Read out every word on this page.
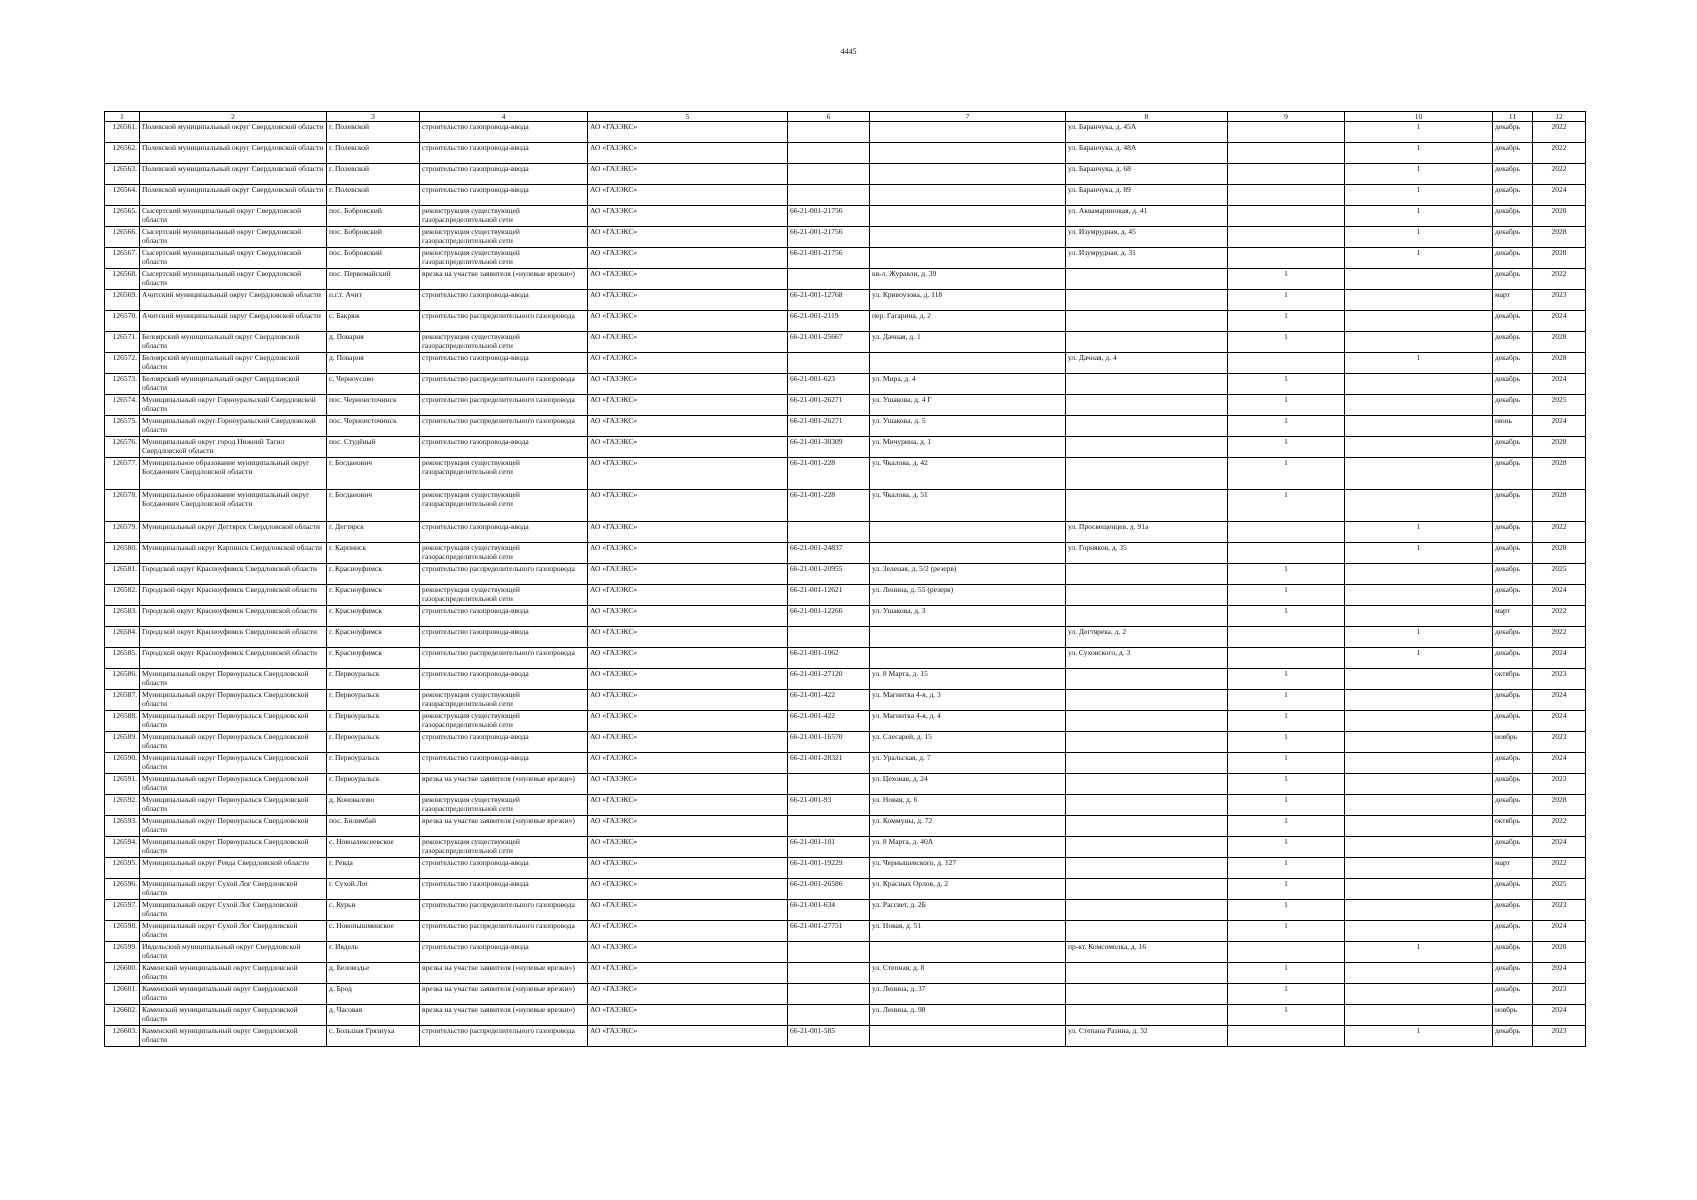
4445
1	2	3	4	5	6	7	8	9	10	11	12
126561.	Полевской муниципальный округ Свердловской области	г. Полевской	строительство газопровода-ввода	АО «ГАЗЭКС»			ул. Баранчука, д. 45А		1	декабрь	2022
126562.	Полевской муниципальный округ Свердловской области	г. Полевской	строительство газопровода-ввода	АО «ГАЗЭКС»			ул. Баранчука, д. 48А		1	декабрь	2022
126563.	Полевской муниципальный округ Свердловской области	г. Полевской	строительство газопровода-ввода	АО «ГАЗЭКС»			ул. Баранчука, д. 68		1	декабрь	2022
126564.	Полевской муниципальный округ Свердловской области	г. Полевской	строительство газопровода-ввода	АО «ГАЗЭКС»			ул. Баранчука, д. 89		1	декабрь	2024
126565.	Сысертский муниципальный округ Свердловской области	пос. Бобровский	реконструкция существующей газораспределительной сети	АО «ГАЗЭКС»	66-21-001-21756		ул. Аквамариновая, д. 41		1	декабрь	2028
126566.	Сысертский муниципальный округ Свердловской области	пос. Бобровский	реконструкция существующей газораспределительной сети	АО «ГАЗЭКС»	66-21-001-21756		ул. Изумрудная, д. 45		1	декабрь	2028
126567.	Сысертский муниципальный округ Свердловской области	пос. Бобровский	реконструкция существующей газораспределительной сети	АО «ГАЗЭКС»	66-21-001-21756		ул. Изумрудная, д. 31		1	декабрь	2028
126568.	Сысертский муниципальный округ Свердловской области	пос. Первомайский	врезка на участке заявителя («нулевые врезки»)	АО «ГАЗЭКС»		кв-л. Журавли, д. 39		1		декабрь	2022
126569.	Ачитский муниципальный округ Свердловской области	п.г.т. Ачит	строительство газопровода-ввода	АО «ГАЗЭКС»	66-21-001-12768	ул. Кривоузова, д. 118		1		март	2023
126570.	Ачитский муниципальный округ Свердловской области	с. Бакряж	строительство распределительного газопровода	АО «ГАЗЭКС»	66-21-001-2119	пер. Гагарина, д. 2		1		декабрь	2024
126571.	Белоярский муниципальный округ Свердловской области	д. Поварня	реконструкция существующей газораспределительной сети	АО «ГАЗЭКС»	66-21-001-25667	ул. Дачная, д. 1		1		декабрь	2028
126572.	Белоярский муниципальный округ Свердловской области	д. Поварня	строительство газопровода-ввода	АО «ГАЗЭКС»			ул. Дачная, д. 4		1	декабрь	2028
126573.	Белоярский муниципальный округ Свердловской области	с. Черноусово	строительство распределительного газопровода	АО «ГАЗЭКС»	66-21-001-623	ул. Мира, д. 4		1		декабрь	2024
126574.	Муниципальный округ Горноуральский Свердловской области	пос. Черноисточинск	строительство распределительного газопровода	АО «ГАЗЭКС»	66-21-001-26271	ул. Ушакова, д. 4 Г		1		декабрь	2025
126575.	Муниципальный округ Горноуральский Свердловской области	пос. Черноисточинск	строительство распределительного газопровода	АО «ГАЗЭКС»	66-21-001-26271	ул. Ушакова, д. 5		1		июнь	2024
126576.	Муниципальный округ город Нижний Тагил Свердловской области	пос. Студёный	строительство газопровода-ввода	АО «ГАЗЭКС»	66-21-001-30309	ул. Мичурина, д. 1		1		декабрь	2028
126577.	Муниципальное образование муниципальный округ Богданович Свердловской области	г. Богданович	реконструкция существующей газораспределительной сети	АО «ГАЗЭКС»	66-21-001-228	ул. Чкалова, д. 42		1		декабрь	2028
126578.	Муниципальное образование муниципальный округ Богданович Свердловской области	г. Богданович	реконструкция существующей газораспределительной сети	АО «ГАЗЭКС»	66-21-001-228	ул. Чкалова, д. 51		1		декабрь	2028
126579.	Муниципальный округ Дегтярск Свердловской области	г. Дегтярск	строительство газопровода-ввода	АО «ГАЗЭКС»			ул. Просвещенцев, д. 91а		1	декабрь	2022
126580.	Муниципальный округ Карпинск Свердловской области	г. Карпинск	реконструкция существующей газораспределительной сети	АО «ГАЗЭКС»	66-21-001-24837		ул. Горняков, д. 35		1	декабрь	2028
126581.	Городской округ Красноуфимск Свердловской области	г. Красноуфимск	строительство распределительного газопровода	АО «ГАЗЭКС»	66-21-001-20955	ул. Зеленая, д. 5/2 (резерв)		1		декабрь	2025
126582.	Городской округ Красноуфимск Свердловской области	г. Красноуфимск	реконструкция существующей газораспределительной сети	АО «ГАЗЭКС»	66-21-001-12621	ул. Ленина, д. 55 (резерв)		1		декабрь	2024
126583.	Городской округ Красноуфимск Свердловской области	г. Красноуфимск	строительство газопровода-ввода	АО «ГАЗЭКС»	66-21-001-12266	ул. Ушакова, д. 3		1		март	2022
126584.	Городской округ Красноуфимск Свердловской области	г. Красноуфимск	строительство газопровода-ввода	АО «ГАЗЭКС»			ул. Дегтярева, д. 2		1	декабрь	2022
126585.	Городской округ Красноуфимск Свердловской области	г. Красноуфимск	строительство распределительного газопровода	АО «ГАЗЭКС»	66-21-001-1062		ул. Суховского, д. 3		1	декабрь	2024
126586.	Муниципальный округ Первоуральск Свердловской области	г. Первоуральск	строительство газопровода-ввода	АО «ГАЗЭКС»	66-21-001-27120	ул. 8 Марта, д. 15		1		октябрь	2023
126587.	Муниципальный округ Первоуральск Свердловской области	г. Первоуральск	реконструкция существующей газораспределительной сети	АО «ГАЗЭКС»	66-21-001-422	ул. Магнитка 4-я, д. 3		1		декабрь	2024
126588.	Муниципальный округ Первоуральск Свердловской области	г. Первоуральск	реконструкция существующей газораспределительной сети	АО «ГАЗЭКС»	66-21-001-422	ул. Магнитка 4-я, д. 4		1		декабрь	2024
126589.	Муниципальный округ Первоуральск Свердловской области	г. Первоуральск	строительство газопровода-ввода	АО «ГАЗЭКС»	66-21-001-16570	ул. Слесарей, д. 15		1		ноябрь	2023
126590.	Муниципальный округ Первоуральск Свердловской области	г. Первоуральск	строительство газопровода-ввода	АО «ГАЗЭКС»	66-21-001-28321	ул. Уральская, д. 7		1		декабрь	2024
126591.	Муниципальный округ Первоуральск Свердловской области	г. Первоуральск	врезка на участке заявителя («нулевые врезки»)	АО «ГАЗЭКС»		ул. Цеховая, д. 24		1		декабрь	2023
126592.	Муниципальный округ Первоуральск Свердловской области	д. Коновалово	реконструкция существующей газораспределительной сети	АО «ГАЗЭКС»	66-21-001-93	ул. Новая, д. 6		1		декабрь	2028
126593.	Муниципальный округ Первоуральск Свердловской области	пос. Билимбай	врезка на участке заявителя («нулевые врезки»)	АО «ГАЗЭКС»		ул. Коммуны, д. 72		1		октябрь	2022
126594.	Муниципальный округ Первоуральск Свердловской области	с. Новоалексеевское	реконструкция существующей газораспределительной сети	АО «ГАЗЭКС»	66-21-001-101	ул. 8 Марта, д. 40А		1		декабрь	2024
126595.	Муниципальный округ Ревда Свердловской области	г. Ревда	строительство газопровода-ввода	АО «ГАЗЭКС»	66-21-001-19229	ул. Чернышевского, д. 127		1		март	2022
126596.	Муниципальный округ Сухой Лог Свердловской области	г. Сухой Лог	строительство газопровода-ввода	АО «ГАЗЭКС»	66-21-001-26586	ул. Красных Орлов, д. 2		1		декабрь	2025
126597.	Муниципальный округ Сухой Лог Свердловской области	с. Курьи	строительство распределительного газопровода	АО «ГАЗЭКС»	66-21-001-634	ул. Рассвет, д. 2Б		1		декабрь	2023
126598.	Муниципальный округ Сухой Лог Свердловской области	с. Новопышминское	строительство распределительного газопровода	АО «ГАЗЭКС»	66-21-001-27751	ул. Новая, д. 51		1		декабрь	2024
126599.	Ивдельский муниципальный округ Свердловской области	г. Ивдель	строительство газопровода-ввода	АО «ГАЗЭКС»			пр-кт. Комсомолка, д. 16		1	декабрь	2028
126600.	Каменский муниципальный округ Свердловской области	д. Беловодье	врезка на участке заявителя («нулевые врезки»)	АО «ГАЗЭКС»		ул. Степная, д. 8		1		декабрь	2024
126601.	Каменский муниципальный округ Свердловской области	д. Брод	врезка на участке заявителя («нулевые врезки»)	АО «ГАЗЭКС»		ул. Ленина, д. 37		1		декабрь	2023
126602.	Каменский муниципальный округ Свердловской области	д. Часовая	врезка на участке заявителя («нулевые врезки»)	АО «ГАЗЭКС»		ул. Ленина, д. 98		1		ноябрь	2024
126603.	Каменский муниципальный округ Свердловской области	с. Большая Грязнуха	строительство распределительного газопровода	АО «ГАЗЭКС»	66-21-001-585		ул. Степана Разина, д. 32		1	декабрь	2023
